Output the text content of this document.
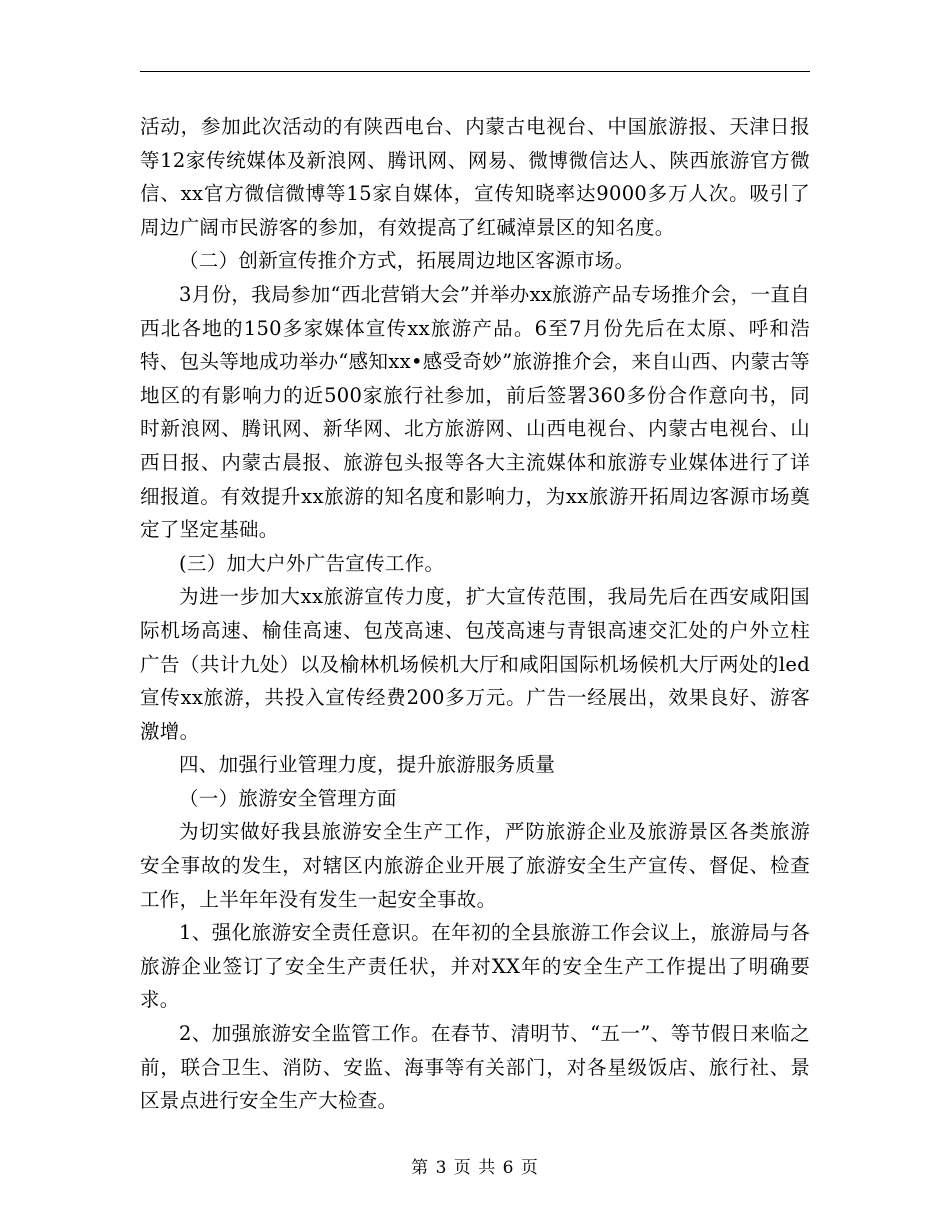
活动，参加此次活动的有陕西电台、内蒙古电视台、中国旅游报、天津日报等12家传统媒体及新浪网、腾讯网、网易、微博微信达人、陕西旅游官方微信、xx官方微信微博等15家自媒体，宣传知晓率达9000多万人次。吸引了周边广阔市民游客的参加，有效提高了红碱淖景区的知名度。

（二）创新宣传推介方式，拓展周边地区客源市场。

3月份，我局参加“西北营销大会”并举办xx旅游产品专场推介会，一直自西北各地的150多家媒体宣传xx旅游产品。6至7月份先后在太原、呼和浩特、包头等地成功举办“感知xx•感受奇妙”旅游推介会，来自山西、内蒙古等地区的有影响力的近500家旅行社参加，前后签署360多份合作意向书，同时新浪网、腾讯网、新华网、北方旅游网、山西电视台、内蒙古电视台、山西日报、内蒙古晨报、旅游包头报等各大主流媒体和旅游专业媒体进行了详细报道。有效提升xx旅游的知名度和影响力，为xx旅游开拓周边客源市场奠定了坚定基础。

(三）加大户外广告宣传工作。

为进一步加大xx旅游宣传力度，扩大宣传范围，我局先后在西安咸阳国际机场高速、榆佳高速、包茂高速、包茂高速与青银高速交汇处的户外立柱广告（共计九处）以及榆林机场候机大厅和咸阳国际机场候机大厅两处的led宣传xx旅游，共投入宣传经费200多万元。广告一经展出，效果良好、游客激增。

四、加强行业管理力度，提升旅游服务质量

（一）旅游安全管理方面

为切实做好我县旅游安全生产工作，严防旅游企业及旅游景区各类旅游安全事故的发生，对辖区内旅游企业开展了旅游安全生产宣传、督促、检查工作，上半年年没有发生一起安全事故。

1、强化旅游安全责任意识。在年初的全县旅游工作会议上，旅游局与各旅游企业签订了安全生产责任状，并对XX年的安全生产工作提出了明确要求。

2、加强旅游安全监管工作。在春节、清明节、“五一”、等节假日来临之前，联合卫生、消防、安监、海事等有关部门，对各星级饭店、旅行社、景区景点进行安全生产大检查。

第 3 页 共 6 页
